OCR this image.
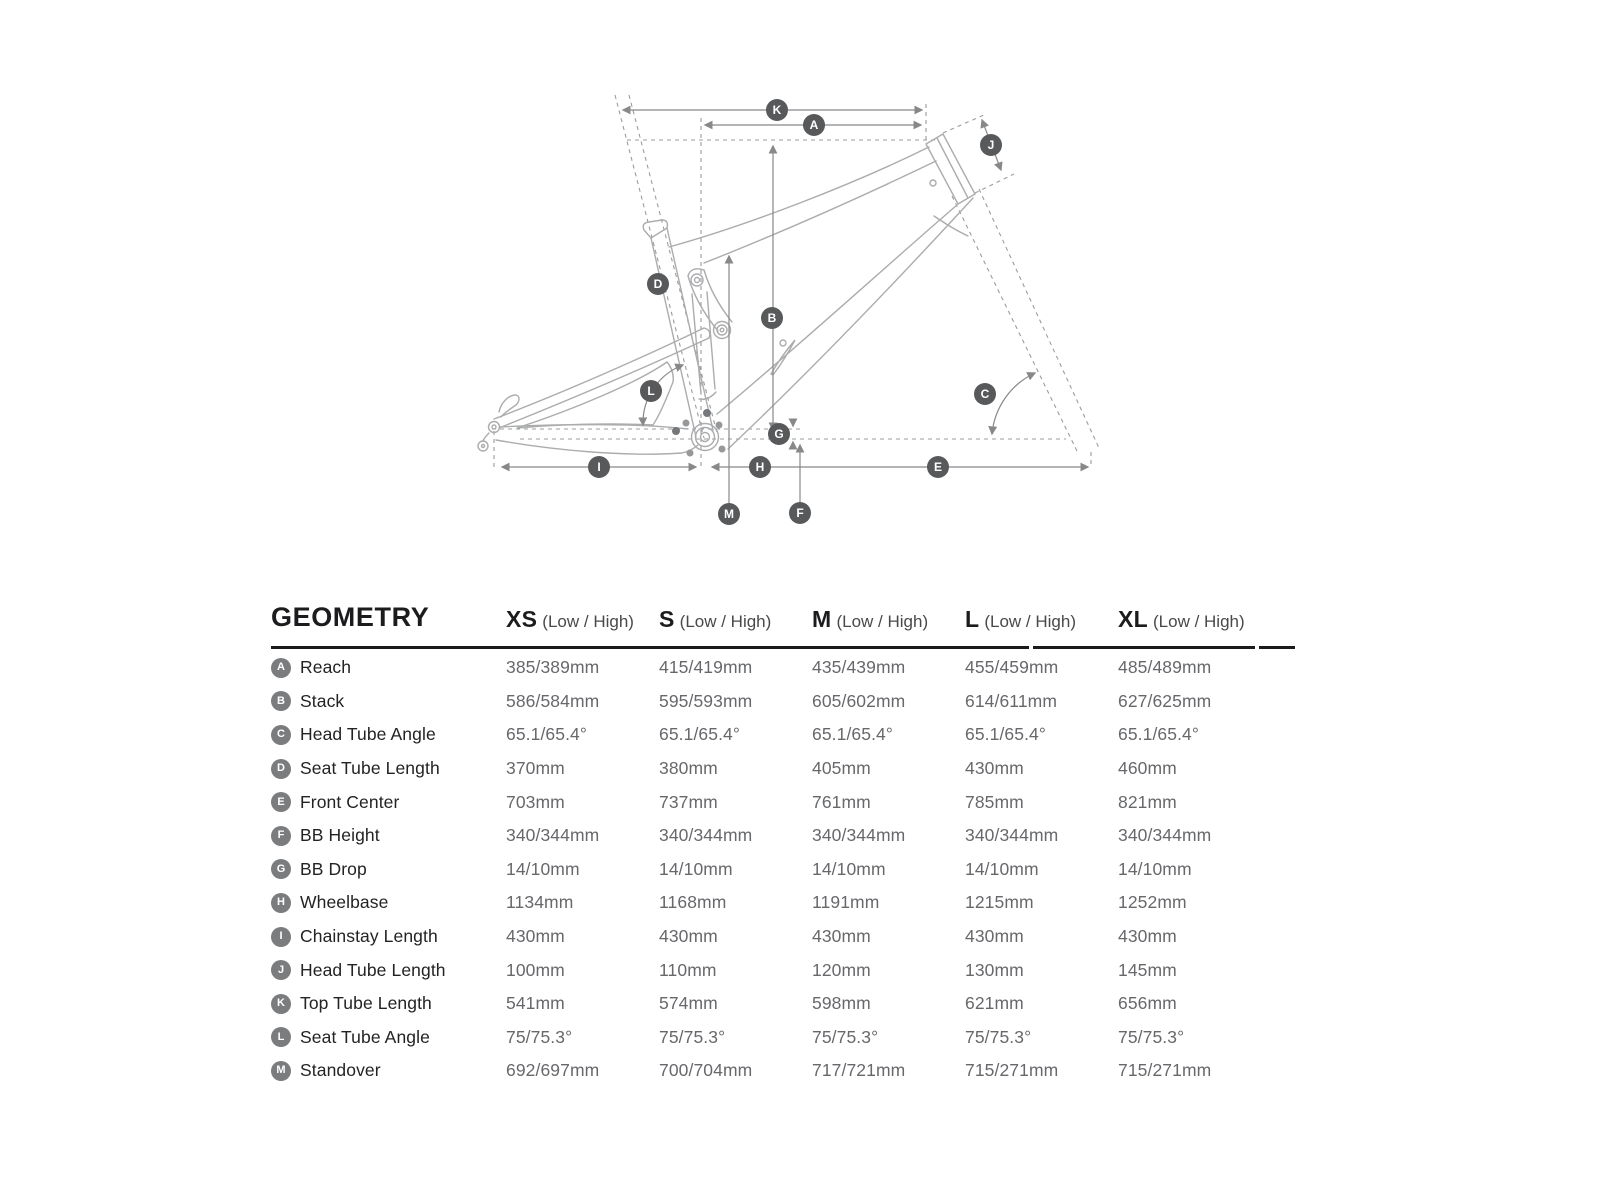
K
A
J
D
B
L	C
G
I	H	E
M	F
GEOMETRY	XS (Low / High)	S (Low / High)	M (Low / High)	L (Low / High)	XL (Low / High)
A Reach	385/389mm	415/419mm	435/439mm	455/459mm	485/489mm
B Stack	586/584mm	595/593mm	605/602mm	614/611mm	627/625mm
C Head Tube Angle	65.1/65.4°	65.1/65.4°	65.1/65.4°	65.1/65.4°	65.1/65.4°
D Seat Tube Length	370mm	380mm	405mm	430mm	460mm
E Front Center	703mm	737mm	761mm	785mm	821mm
F BB Height	340/344mm	340/344mm	340/344mm	340/344mm	340/344mm
G BB Drop	14/10mm	14/10mm	14/10mm	14/10mm	14/10mm
H Wheelbase	1134mm	1168mm	1191mm	1215mm	1252mm
I Chainstay Length	430mm	430mm	430mm	430mm	430mm
J Head Tube Length	100mm	110mm	120mm	130mm	145mm
K Top Tube Length	541mm	574mm	598mm	621mm	656mm
L Seat Tube Angle	75/75.3°	75/75.3°	75/75.3°	75/75.3°	75/75.3°
M Standover	692/697mm	700/704mm	717/721mm	715/271mm	715/271mm
